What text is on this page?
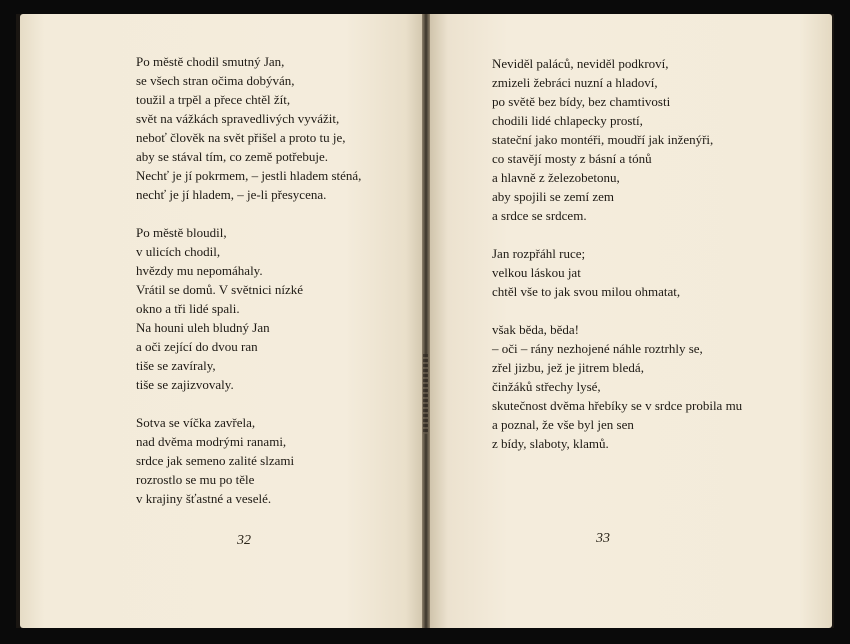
Po městě chodil smutný Jan,
se všech stran očima dobýván,
toužil a trpěl a přece chtěl žít,
svět na vážkách spravedlivých vyvážit,
neboť člověk na svět přišel a proto tu je,
aby se stával tím, co země potřebuje.
Nechť je jí pokrmem, – jestli hladem sténá,
nechť je jí hladem, – je-li přesycena.
Po městě bloudil,
v ulicích chodil,
hvězdy mu nepomáhaly.
Vrátil se domů. V světnici nízké
okno a tři lidé spali.
Na houni uleh bludný Jan
a oči zející do dvou ran
tiše se zavíraly,
tiše se zajizvovaly.
Sotva se víčka zavřela,
nad dvěma modrými ranami,
srdce jak semeno zalité slzami
rozrostlo se mu po těle
v krajiny šťastné a veselé.
Neviděl paláců, neviděl podkroví,
zmizeli žebráci nuzní a hladoví,
po světě bez bídy, bez chamtivosti
chodili lidé chlapecky prostí,
stateční jako montéři, moudří jak inženýři,
co stavějí mosty z básní a tónů
a hlavně z železobetonu,
aby spojili se zemí zem
a srdce se srdcem.
Jan rozpřáhl ruce;
velkou láskou jat
chtěl vše to jak svou milou ohmatat,
však běda, běda!
– oči – rány nezhojené náhle roztrhly se,
zřel jizbu, jež je jitrem bledá,
činžáků střechy lysé,
skutečnost dvěma hřebíky se v srdce probila mu
a poznal, že vše byl jen sen
z bídy, slaboty, klamů.
32	33
